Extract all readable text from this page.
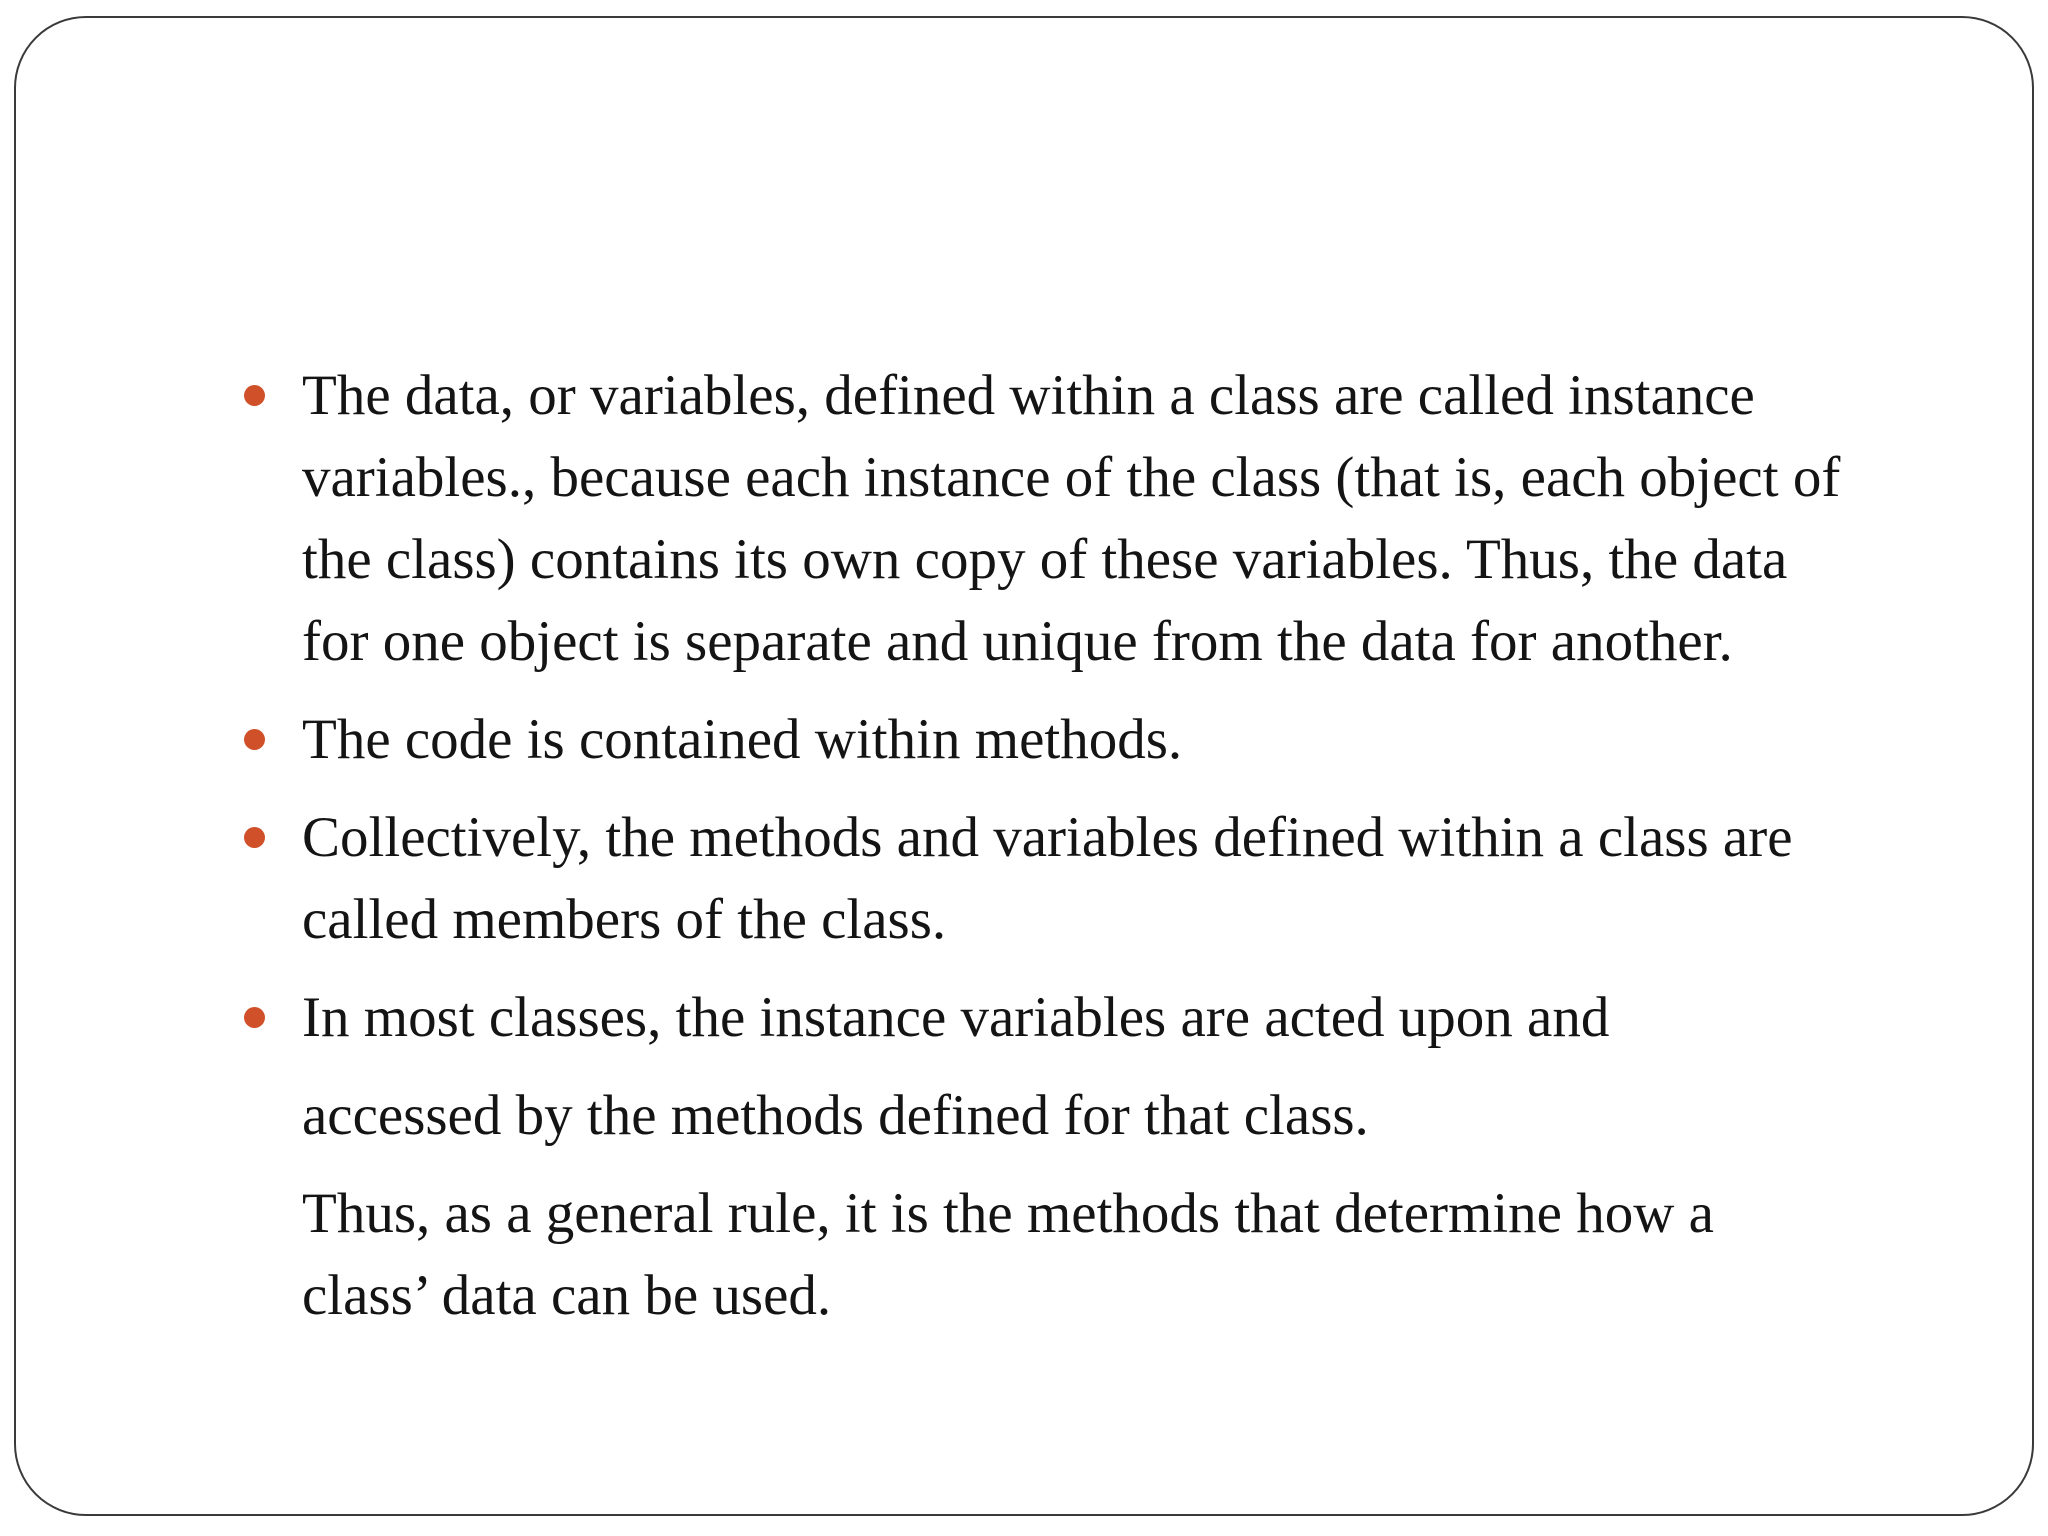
The data, or variables, defined within a class are called instance
variables., because each instance of the class (that is, each object of
the class) contains its own copy of these variables. Thus, the data
for one object is separate and unique from the data for another.
The code is contained within methods.
Collectively, the methods and variables defined within a class are
called members of the class.
In most classes, the instance variables are acted upon and
accessed by the methods defined for that class.
Thus, as a general rule, it is the methods that determine how a
class’ data can be used.
